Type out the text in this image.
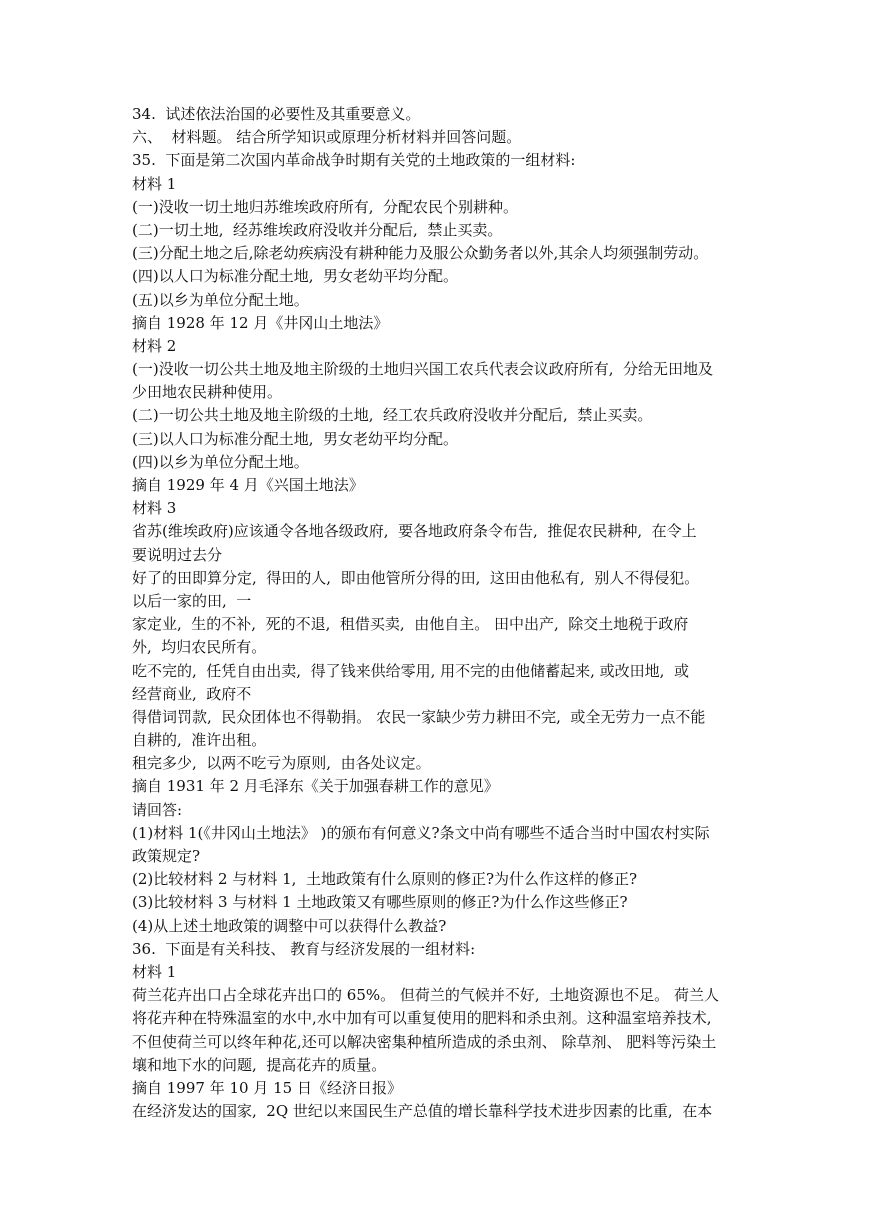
34.  试述依法治国的必要性及其重要意义。
六、  材料题。 结合所学知识或原理分析材料并回答问题。
35.  下面是第二次国内革命战争时期有关党的土地政策的一组材料:
材料 1
(一)没收一切土地归苏维埃政府所有,  分配农民个别耕种。
(二)一切土地,  经苏维埃政府没收并分配后,  禁止买卖。
(三)分配土地之后,除老幼疾病没有耕种能力及服公众勤务者以外,其余人均须强制劳动。
(四)以人口为标准分配土地,  男女老幼平均分配。
(五)以乡为单位分配土地。
摘自 1928 年 12 月《井冈山土地法》
材料 2
(一)没收一切公共土地及地主阶级的土地归兴国工农兵代表会议政府所有,  分给无田地及
少田地农民耕种使用。
(二)一切公共土地及地主阶级的土地,  经工农兵政府没收并分配后,  禁止买卖。
(三)以人口为标准分配土地,  男女老幼平均分配。
(四)以乡为单位分配土地。
摘自 1929 年 4 月《兴国土地法》
材料 3
省苏(维埃政府)应该通令各地各级政府,  要各地政府条令布告,  推促农民耕种,  在令上
要说明过去分
好了的田即算分定,  得田的人,  即由他管所分得的田,  这田由他私有,  别人不得侵犯。
以后一家的田,  一
家定业,  生的不补,  死的不退,  租借买卖,  由他自主。 田中出产,  除交土地税于政府
外,  均归农民所有。
吃不完的,  任凭自由出卖,  得了钱来供给零用, 用不完的由他储蓄起来, 或改田地,  或
经营商业,  政府不
得借词罚款,  民众团体也不得勒捐。 农民一家缺少劳力耕田不完,  或全无劳力一点不能
自耕的,  准许出租。
租完多少,  以两不吃亏为原则,  由各处议定。
摘自 1931 年 2 月毛泽东《关于加强春耕工作的意见》
请回答:
(1)材料 1(《井冈山土地法》 )的颁布有何意义?条文中尚有哪些不适合当时中国农村实际
政策规定?
(2)比较材料 2 与材料 1,  土地政策有什么原则的修正?为什么作这样的修正?
(3)比较材料 3 与材料 1 土地政策又有哪些原则的修正?为什么作这些修正?
(4)从上述土地政策的调整中可以获得什么教益?
36.  下面是有关科技、 教育与经济发展的一组材料:
材料 1
荷兰花卉出口占全球花卉出口的 65%。 但荷兰的气候并不好,  土地资源也不足。 荷兰人
将花卉种在特殊温室的水中,水中加有可以重复使用的肥料和杀虫剂。这种温室培养技术,
不但使荷兰可以终年种花,还可以解决密集种植所造成的杀虫剂、 除草剂、 肥料等污染土
壤和地下水的问题,  提高花卉的质量。
摘自 1997 年 10 月 15 日《经济日报》
在经济发达的国家,  2Q 世纪以来国民生产总值的增长靠科学技术进步因素的比重,  在本
